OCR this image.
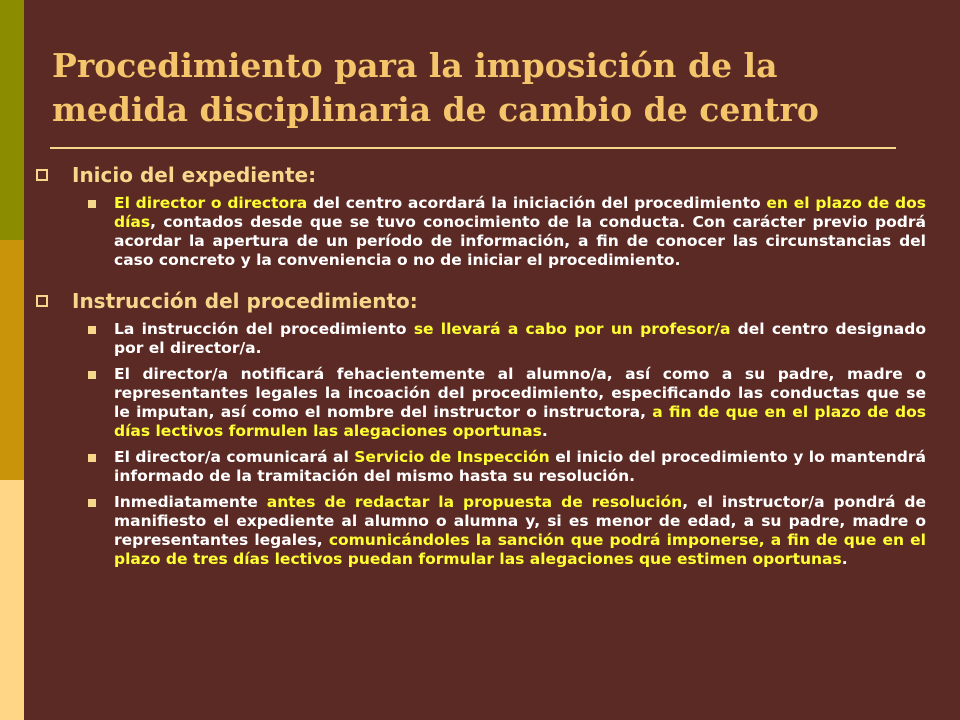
Procedimiento para la imposición de la
medida disciplinaria de cambio de centro
Inicio del expediente:
El director o directora del centro acordará la iniciación del procedimiento en el plazo de dos días, contados desde que se tuvo conocimiento de la conducta. Con carácter previo podrá acordar la apertura de un período de información, a fin de conocer las circunstancias del caso concreto y la conveniencia o no de iniciar el procedimiento.
Instrucción del procedimiento:
La instrucción del procedimiento se llevará a cabo por un profesor/a del centro designado por el director/a.
El director/a notificará fehacientemente al alumno/a, así como a su padre, madre o representantes legales la incoación del procedimiento, especificando las conductas que se le imputan, así como el nombre del instructor o instructora, a fin de que en el plazo de dos días lectivos formulen las alegaciones oportunas.
El director/a comunicará al Servicio de Inspección el inicio del procedimiento y lo mantendrá informado de la tramitación del mismo hasta su resolución.
Inmediatamente antes de redactar la propuesta de resolución, el instructor/a pondrá de manifiesto el expediente al alumno o alumna y, si es menor de edad, a su padre, madre o representantes legales, comunicándoles la sanción que podrá imponerse, a fin de que en el plazo de tres días lectivos puedan formular las alegaciones que estimen oportunas.
